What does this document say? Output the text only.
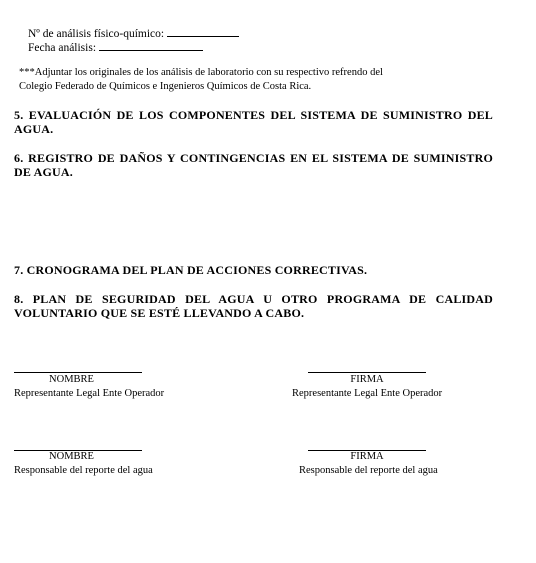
Nº de análisis físico-químico:
Fecha análisis:
***Adjuntar los originales de los análisis de laboratorio con su respectivo refrendo del
Colegio Federado de Químicos e Ingenieros Químicos de Costa Rica.
5. EVALUACIÓN DE LOS COMPONENTES DEL SISTEMA DE SUMINISTRO DEL
AGUA.
6. REGISTRO DE DAÑOS Y CONTINGENCIAS EN EL SISTEMA DE SUMINISTRO
DE AGUA.
7. CRONOGRAMA DEL PLAN DE ACCIONES CORRECTIVAS.
8. PLAN DE SEGURIDAD DEL AGUA U OTRO PROGRAMA DE CALIDAD
VOLUNTARIO QUE SE ESTÉ LLEVANDO A CABO.
NOMBRE
Representante Legal Ente Operador
FIRMA
Representante Legal Ente Operador
NOMBRE
Responsable del reporte del agua
FIRMA
Responsable del reporte del agua
